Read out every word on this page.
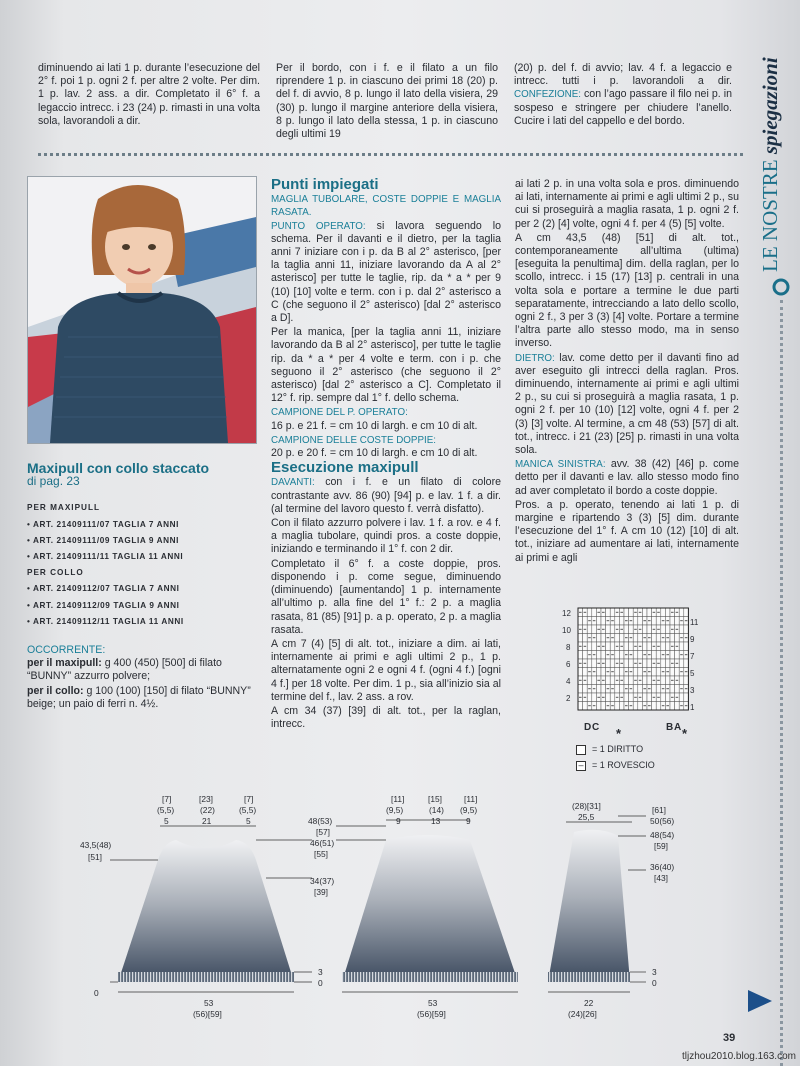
diminuendo ai lati 1 p. durante l’esecuzione del 2° f. poi 1 p. ogni 2 f. per altre 2 volte. Per dim. 1 p. lav. 2 ass. a dir. Completato il 6° f. a legaccio intrecc. i 23 (24) p. rimasti in una volta sola, lavorandoli a dir.

Per il bordo, con i f. e il filato a un filo riprendere 1 p. in ciascuno dei primi 18 (20) p. del f. di avvio, 8 p. lungo il lato della visiera, 29 (30) p. lungo il margine anteriore della visiera, 8 p. lungo il lato della stessa, 1 p. in ciascuno degli ultimi 19

(20) p. del f. di avvio; lav. 4 f. a legaccio e intrecc. tutti i p. lavorandoli a dir. CONFEZIONE: con l’ago passare il filo nei p. in sospeso e stringere per chiudere l’anello. Cucire i lati del cappello e del bordo.

LE NOSTRE spiegazioni
Maxipull con collo staccato
di pag. 23
PER MAXIPULL
• ART. 21409111/07 TAGLIA 7 ANNI
• ART. 21409111/09 TAGLIA 9 ANNI
• ART. 21409111/11 TAGLIA 11 ANNI
PER COLLO
• ART. 21409112/07 TAGLIA 7 ANNI
• ART. 21409112/09 TAGLIA 9 ANNI
• ART. 21409112/11 TAGLIA 11 ANNI
OCCORRENTE:

per il maxipull: g 400 (450) [500] di filato “BUNNY” azzurro polvere;

per il collo: g 100 (100) [150] di filato “BUNNY” beige; un paio di ferri n. 4½.

Punti impiegati
MAGLIA TUBOLARE, COSTE DOPPIE E MAGLIA RASATA.

PUNTO OPERATO: si lavora seguendo lo schema. Per il davanti e il dietro, per la taglia anni 7 iniziare con i p. da B al 2° asterisco, [per la taglia anni 11, iniziare lavorando da A al 2° asterisco] per tutte le taglie, rip. da * a * per 9 (10) [10] volte e term. con i p. dal 2° asterisco a C (che seguono il 2° asterisco) [dal 2° asterisco a D].

Per la manica, [per la taglia anni 11, iniziare lavorando da B al 2° asterisco], per tutte le taglie rip. da * a * per 4 volte e term. con i p. che seguono il 2° asterisco (che seguono il 2° asterisco) [dal 2° asterisco a C]. Completato il 12° f. rip. sempre dal 1° f. dello schema.

CAMPIONE DEL P. OPERATO:

16 p. e 21 f. = cm 10 di largh. e cm 10 di alt.

CAMPIONE DELLE COSTE DOPPIE:

20 p. e 20 f. = cm 10 di largh. e cm 10 di alt.

Esecuzione maxipull

DAVANTI: con i f. e un filato di colore contrastante avv. 86 (90) [94] p. e lav. 1 f. a dir. (al termine del lavoro questo f. verrà disfatto).

Con il filato azzurro polvere i lav. 1 f. a rov. e 4 f. a maglia tubolare, quindi pros. a coste doppie, iniziando e terminando il 1° f. con 2 dir.

Completato il 6° f. a coste doppie, pros. disponendo i p. come segue, diminuendo (diminuendo) [aumentando] 1 p. internamente all’ultimo p. alla fine del 1° f.: 2 p. a maglia rasata, 81 (85) [91] p. a p. operato, 2 p. a maglia rasata.

A cm 7 (4) [5] di alt. tot., iniziare a dim. ai lati, internamente ai primi e agli ultimi 2 p., 1 p. alternatamente ogni 2 e ogni 4 f. (ogni 4 f.) [ogni 4 f.] per 18 volte. Per dim. 1 p., sia all’inizio sia al termine del f., lav. 2 ass. a rov.

A cm 34 (37) [39] di alt. tot., per la raglan, intrecc.

ai lati 2 p. in una volta sola e pros. diminuendo ai lati, internamente ai primi e agli ultimi 2 p., su cui si proseguirà a maglia rasata, 1 p. ogni 2 f. per 2 (2) [4] volte, ogni 4 f. per 4 (5) [5] volte.

A cm 43,5 (48) [51] di alt. tot., contemporaneamente all’ultima (ultima) [eseguita la penultima] dim. della raglan, per lo scollo, intrecc. i 15 (17) [13] p. centrali in una volta sola e portare a termine le due parti separatamente, intrecciando a lato dello scollo, ogni 2 f., 3 per 3 (3) [4] volte. Portare a termine l’altra parte allo stesso modo, ma in senso inverso.

DIETRO: lav. come detto per il davanti fino ad aver eseguito gli intrecci della raglan. Pros. diminuendo, internamente ai primi e agli ultimi 2 p., su cui si proseguirà a maglia rasata, 1 p. ogni 2 f. per 10 (10) [12] volte, ogni 4 f. per 2 (3) [3] volte. Al termine, a cm 48 (53) [57] di alt. tot., intrecc. i 21 (23) [25] p. rimasti in una volta sola.

MANICA SINISTRA: avv. 38 (42) [46] p. come detto per il davanti e lav. allo stesso modo fino ad aver completato il bordo a coste doppie.

Pros. a p. operato, tenendo ai lati 1 p. di margine e ripartendo 3 (3) [5] dim. durante l’esecuzione del 1° f. A cm 10 (12) [10] di alt. tot., iniziare ad aumentare ai lati, internamente ai primi e agli

12
10
8
6
4
2
11
9
7
5
3
1
D C *	B A *
= 1 DIRITTO
– = 1 ROVESCIO
[7]
(5,5)
5
[23]
(22)
21
[7]
(5,5)
5
43,5(48)
[51]
46(51)
[55]
34(37)
[39]
0
53
(56)[59]
3
0
[11]
(9,5)
9
[15]
(14)
13
[11]
(9,5)
9
48(53)
[57]
53
(56)[59]
(28)[31]
25,5
[61]
50(56)
48(54)
[59]
36(40)
[43]
3
0
22
(24)[26]
39
tljzhou2010.blog.163.com
